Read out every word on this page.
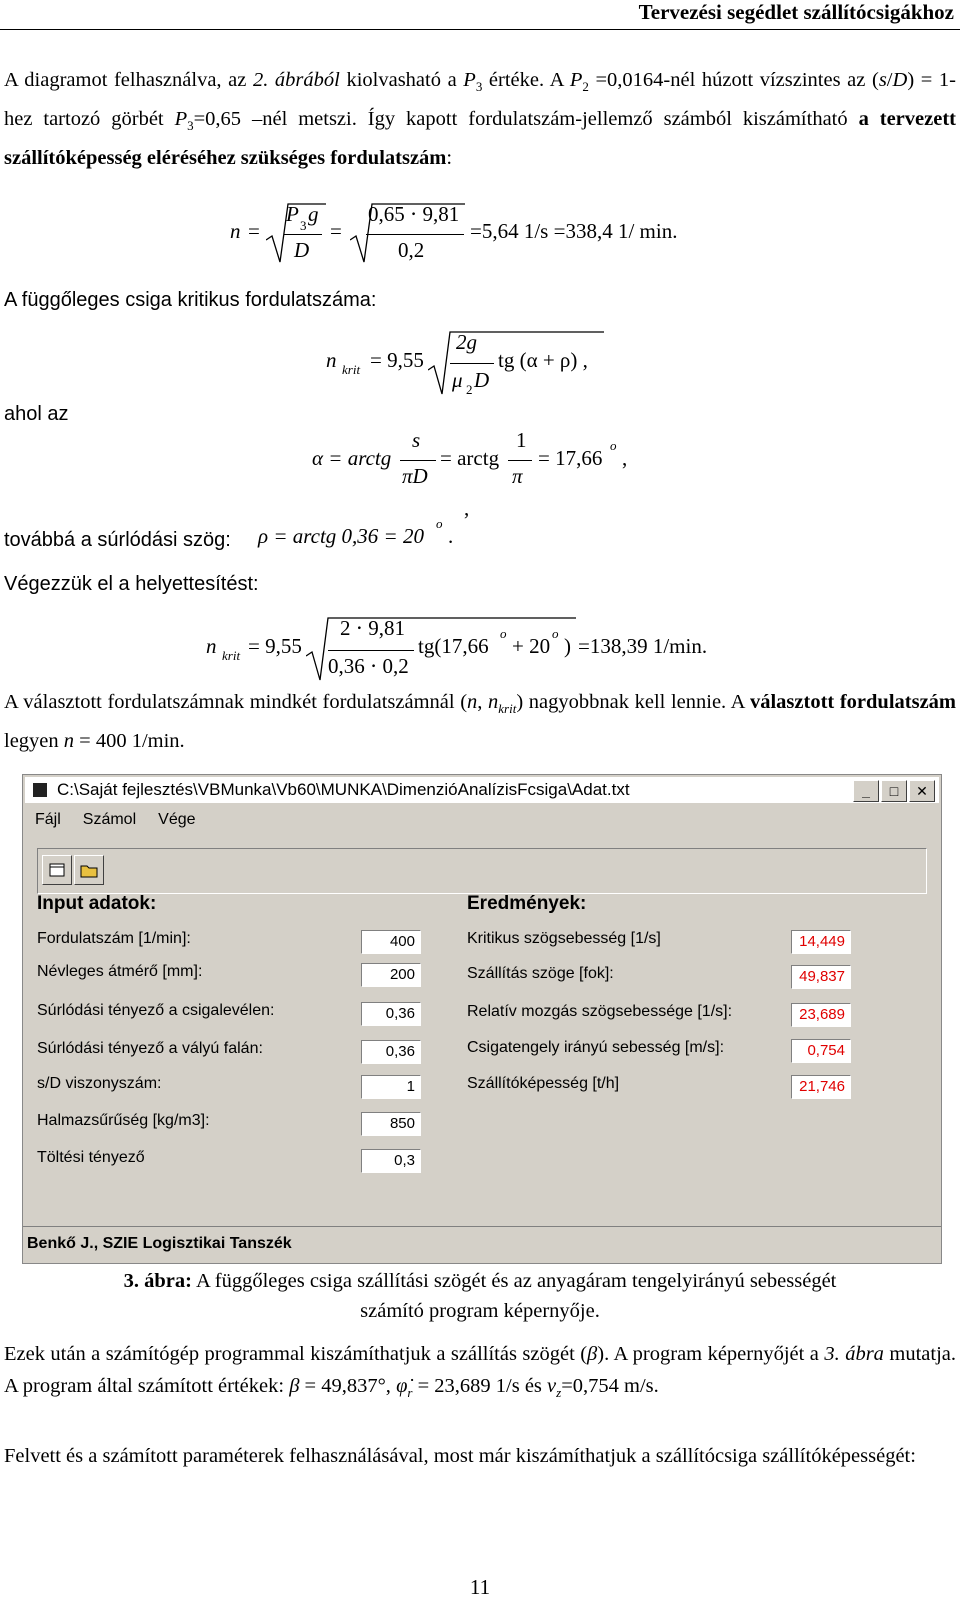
Tervezési segédlet szállítócsigákhoz
A diagramot felhasználva, az 2. ábrából kiolvasható a $P_3$ értéke. A $P_2$ =0,0164-nél húzott vízszintes az (s/D) = 1-hez tartozó görbét $P_3=0,65$ –nél metszi. Így kapott fordulatszám-jellemző számból kiszámítható a tervezett szállítóképesség eléréséhez szükséges fordulatszám:
n =
P 3 g
D
=
0,65 ⋅ 9,81
0,2
=5,64 1/s =338,4 1/ min.
A függőleges csiga kritikus fordulatszáma:
n krit = 9,55
2g
μ 2 D
tg (α + ρ) ,
ahol az
α = arctg
s
πD
= arctg
1
π
= 17,66
o
,
továbbá a súrlódási szög: ρ = arctg 0,36 = 20
o
.
,
Végezzük el a helyettesítést:
n krit = 9,55
2 ⋅ 9,81
0,36 ⋅ 0,2
tg(17,66
o
+ 20
o
) =138,39 1/min.
A választott fordulatszámnak mindkét fordulatszámnál (n, $n_{krit}$) nagyobbnak kell lennie. A választott fordulatszám legyen n = 400 1/min.
C:\Saját fejlesztés\VBMunka\Vb60\MUNKA\DimenzióAnalízisFcsiga\Adat.txt	_	□	✕
Fájl Számol Vége
Input adatok:	Eredmények:
Fordulatszám [1/min]:	400
Névleges átmérő [mm]:	200
Súrlódási tényező a csigalevélen:	0,36
Súrlódási tényező a vályú falán:	0,36
s/D viszonyszám:	1
Halmazsűrűség [kg/m3]:	850
Töltési tényező	0,3
Kritikus szögsebesség [1/s]	14,449
Szállítás szöge [fok]:	49,837
Relatív mozgás szögsebessége [1/s]:	23,689
Csigatengely irányú sebesség [m/s]:	0,754
Szállítóképesség [t/h]	21,746
Benkő J., SZIE Logisztikai Tanszék
3. ábra: A függőleges csiga szállítási szögét és az anyagáram tengelyirányú sebességét
számító program képernyője.
Ezek után a számítógép programmal kiszámíthatjuk a szállítás szögét (β). A program képernyőjét a 3. ábra mutatja. A program által számított értékek: β = 49,837°, $\varphi̇_r = 23,689$ 1/s és $v_z=0,754$ m/s.
Felvett és a számított paraméterek felhasználásával, most már kiszámíthatjuk a szállítócsiga szállítóképességét:
11
